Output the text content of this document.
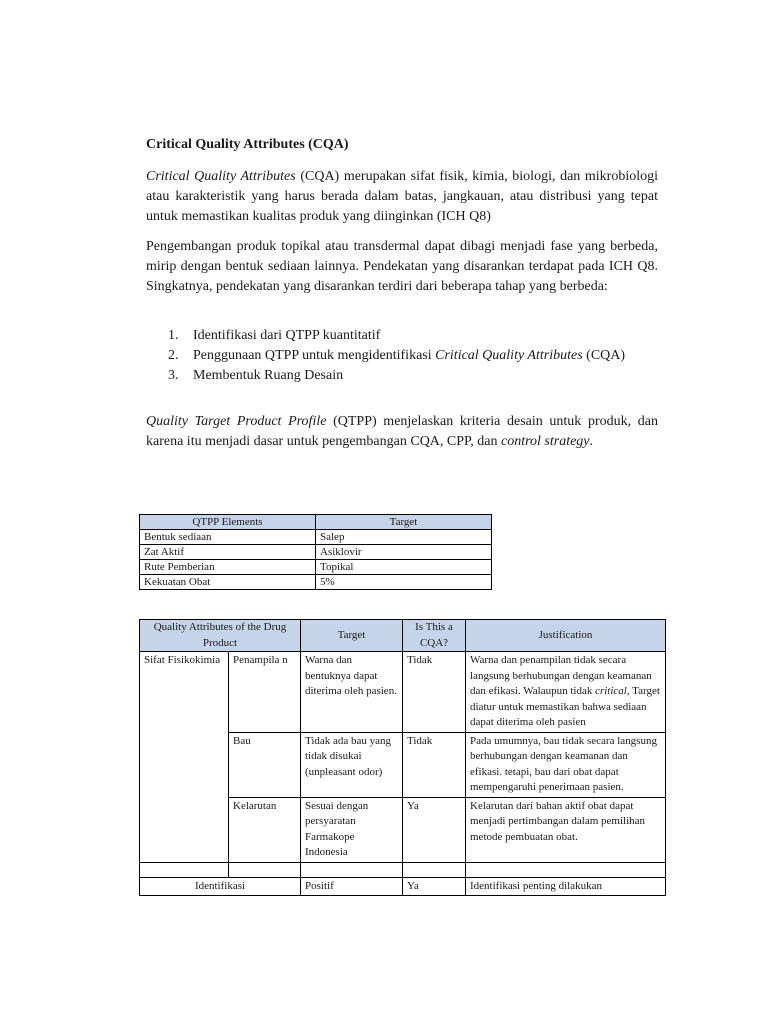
Critical Quality Attributes (CQA)
Critical Quality Attributes (CQA) merupakan sifat fisik, kimia, biologi, dan mikrobiologi atau karakteristik yang harus berada dalam batas, jangkauan, atau distribusi yang tepat untuk memastikan kualitas produk yang diinginkan (ICH Q8)
Pengembangan produk topikal atau transdermal dapat dibagi menjadi fase yang berbeda, mirip dengan bentuk sediaan lainnya. Pendekatan yang disarankan terdapat pada ICH Q8. Singkatnya, pendekatan yang disarankan terdiri dari beberapa tahap yang berbeda:
1. Identifikasi dari QTPP kuantitatif
2. Penggunaan QTPP untuk mengidentifikasi Critical Quality Attributes (CQA)
3. Membentuk Ruang Desain
Quality Target Product Profile (QTPP) menjelaskan kriteria desain untuk produk, dan karena itu menjadi dasar untuk pengembangan CQA, CPP, dan control strategy.
QTPP Elements	Target
Bentuk sediaan	Salep
Zat Aktif	Asiklovir
Rute Pemberian	Topikal
Kekuatan Obat	5%
Quality Attributes of the Drug Product		Target	Is This a CQA?	Justification
Sifat Fisikokimia	Penampila n	Warna dan bentuknya dapat diterima oleh pasien.	Tidak	Warna dan penampilan tidak secara langsung berhubungan dengan keamanan dan efikasi. Walaupun tidak critical, Target diatur untuk memastikan bahwa sediaan dapat diterima oleh pasien
	Bau	Tidak ada bau yang tidak disukai (unpleasant odor)	Tidak	Pada umumnya, bau tidak secara langsung berhubungan dengan keamanan dan efikasi. tetapi, bau dari obat dapat mempengaruhi penerimaan pasien.
	Kelarutan	Sesuai dengan persyaratan Farmakope Indonesia	Ya	Kelarutan dari bahan aktif obat dapat menjadi pertimbangan dalam pemilihan metode pembuatan obat.

Identifikasi		Positif	Ya	Identifikasi penting dilakukan
